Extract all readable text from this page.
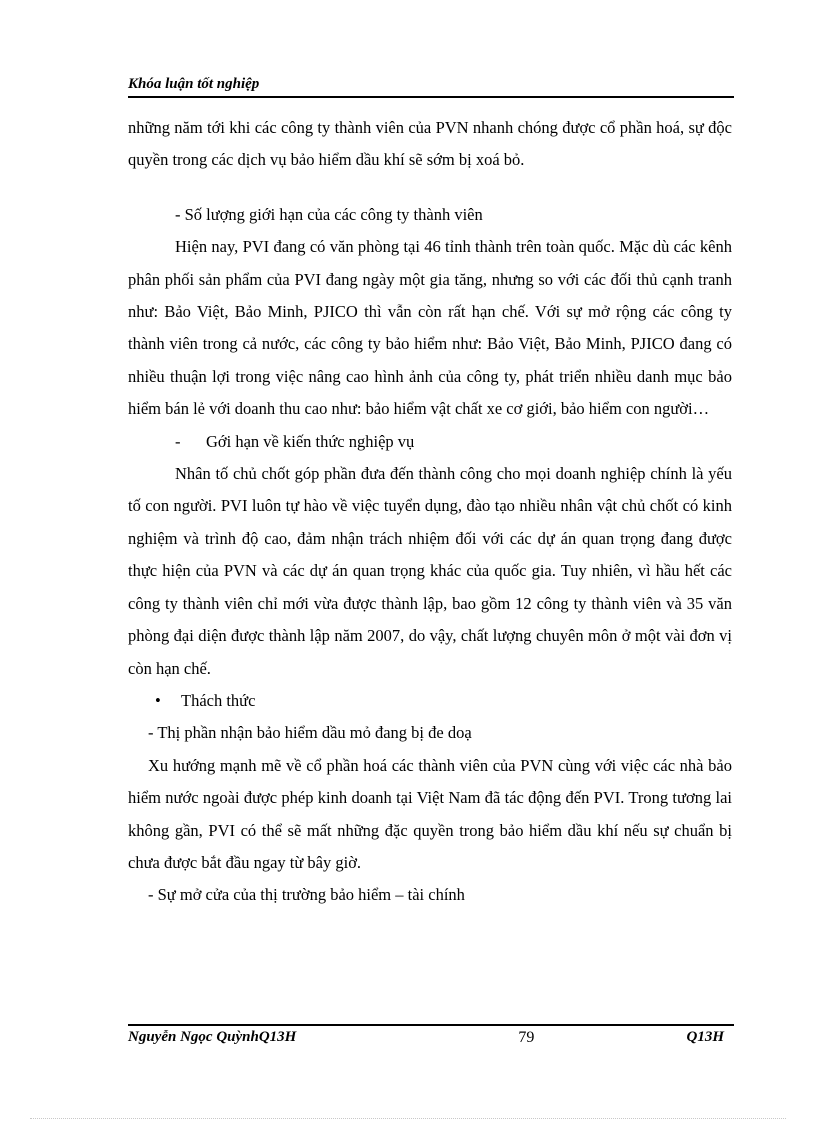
Khóa luận tốt nghiệp

những năm tới khi các công ty thành viên của PVN nhanh chóng được cổ phần hoá, sự độc quyền trong các dịch vụ bảo hiểm dầu khí sẽ sớm bị xoá bỏ.

- Số lượng giới hạn của các công ty thành viên

Hiện nay, PVI đang có văn phòng tại 46 tỉnh thành trên toàn quốc. Mặc dù các kênh phân phối sản phẩm của PVI đang ngày một gia tăng, nhưng so với các đối thủ cạnh tranh như: Bảo Việt, Bảo Minh, PJICO thì vẫn còn rất hạn chế. Với sự mở rộng các công ty thành viên trong cả nước, các công ty bảo hiểm như: Bảo Việt, Bảo Minh, PJICO đang có nhiều thuận lợi trong việc nâng cao hình ảnh của công ty, phát triển nhiều danh mục bảo hiểm bán lẻ với doanh thu cao như: bảo hiểm vật chất xe cơ giới, bảo hiểm con người…

- Gới hạn về kiến thức nghiệp vụ

Nhân tố chủ chốt góp phần đưa đến thành công cho mọi doanh nghiệp chính là yếu tố con người. PVI luôn tự hào về việc tuyển dụng, đào tạo nhiều nhân vật chủ chốt có kinh nghiệm và trình độ cao, đảm nhận trách nhiệm đối với các dự án quan trọng đang được thực hiện của PVN và các dự án quan trọng khác của quốc gia. Tuy nhiên, vì hầu hết các công ty thành viên chỉ mới vừa được thành lập, bao gồm 12 công ty thành viên và 35 văn phòng đại diện được thành lập năm 2007, do vậy, chất lượng chuyên môn ở một vài đơn vị còn hạn chế.

• Thách thức

- Thị phần nhận bảo hiểm dầu mỏ đang bị đe doạ

Xu hướng mạnh mẽ về cổ phần hoá các thành viên của PVN cùng với việc các nhà bảo hiểm nước ngoài được phép kinh doanh tại Việt Nam đã tác động đến PVI. Trong tương lai không gần, PVI có thể sẽ mất những đặc quyền trong bảo hiểm dầu khí nếu sự chuẩn bị chưa được bắt đầu ngay từ bây giờ.

- Sự mở cửa của thị trường bảo hiểm – tài chính

Nguyễn Ngọc QuỳnhQ13H	79	Q13H
